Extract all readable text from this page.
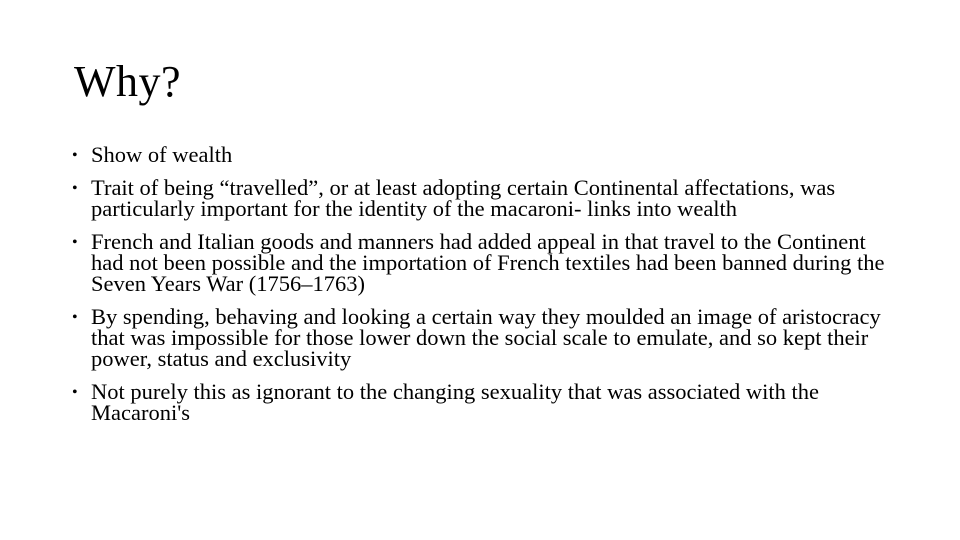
Why?
• Show of wealth
• Trait of being “travelled”, or at least adopting certain Continental affectations, was particularly important for the identity of the macaroni- links into wealth
• French and Italian goods and manners had added appeal in that travel to the Continent had not been possible and the importation of French textiles had been banned during the Seven Years War (1756–1763)
• By spending, behaving and looking a certain way they moulded an image of aristocracy that was impossible for those lower down the social scale to emulate, and so kept their power, status and exclusivity
• Not purely this as ignorant to the changing sexuality that was associated with the Macaroni's
